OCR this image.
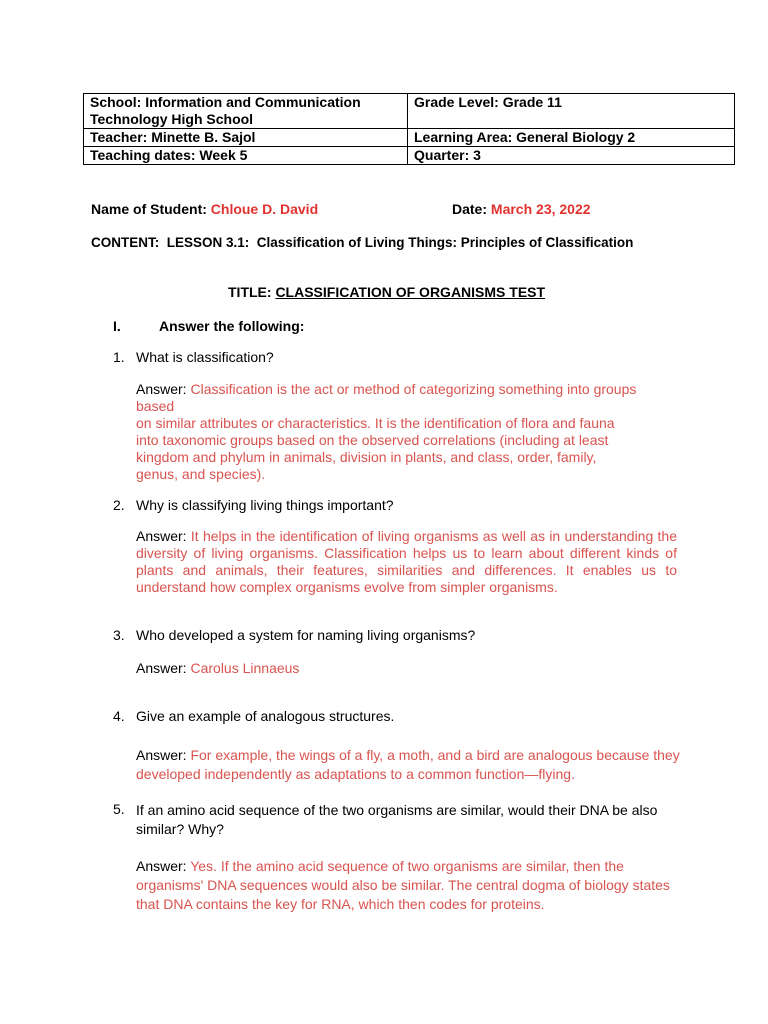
School: Information and Communication Technology High School	Grade Level: Grade 11
Teacher: Minette B. Sajol	Learning Area: General Biology 2
Teaching dates: Week 5	Quarter: 3
Name of Student: Chloue D. David	Date: March 23, 2022
CONTENT:  LESSON 3.1:  Classification of Living Things: Principles of Classification
TITLE: CLASSIFICATION OF ORGANISMS TEST
I.	Answer the following:
1. What is classification?
Answer: Classification is the act or method of categorizing something into groups based
on similar attributes or characteristics. It is the identification of flora and fauna
into taxonomic groups based on the observed correlations (including at least
kingdom and phylum in animals, division in plants, and class, order, family,
genus, and species).
2. Why is classifying living things important?
Answer: It helps in the identification of living organisms as well as in understanding the
diversity of living organisms. Classification helps us to learn about different kinds of
plants and animals, their features, similarities and differences. It enables us to
understand how complex organisms evolve from simpler organisms.
3. Who developed a system for naming living organisms?
Answer: Carolus Linnaeus
4. Give an example of analogous structures.
Answer: For example, the wings of a fly, a moth, and a bird are analogous because they
developed independently as adaptations to a common function—flying.
5. If an amino acid sequence of the two organisms are similar, would their DNA be also
similar? Why?
Answer: Yes. If the amino acid sequence of two organisms are similar, then the
organisms' DNA sequences would also be similar. The central dogma of biology states
that DNA contains the key for RNA, which then codes for proteins.
